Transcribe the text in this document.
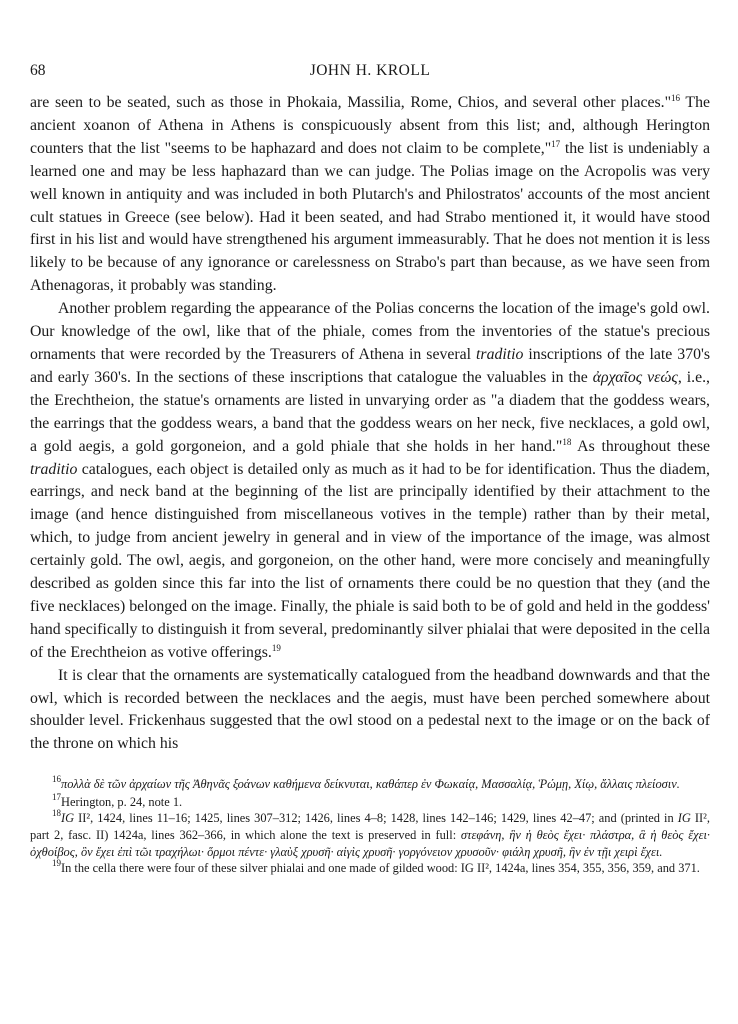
68	JOHN H. KROLL

are seen to be seated, such as those in Phokaia, Massilia, Rome, Chios, and several other places."$^{16}$ The ancient xoanon of Athena in Athens is conspicuously absent from this list; and, although Herington counters that the list "seems to be haphazard and does not claim to be complete,"$^{17}$ the list is undeniably a learned one and may be less haphazard than we can judge. The Polias image on the Acropolis was very well known in antiquity and was included in both Plutarch's and Philostratos' accounts of the most ancient cult statues in Greece (see below). Had it been seated, and had Strabo mentioned it, it would have stood first in his list and would have strengthened his argument immeasurably. That he does not mention it is less likely to be because of any ignorance or carelessness on Strabo's part than because, as we have seen from Athenagoras, it probably was standing.

Another problem regarding the appearance of the Polias concerns the location of the image's gold owl. Our knowledge of the owl, like that of the phiale, comes from the inventories of the statue's precious ornaments that were recorded by the Treasurers of Athena in several traditio inscriptions of the late 370's and early 360's. In the sections of these inscriptions that catalogue the valuables in the ἀρχαῖος νεώς, i.e., the Erechtheion, the statue's ornaments are listed in unvarying order as "a diadem that the goddess wears, the earrings that the goddess wears, a band that the goddess wears on her neck, five necklaces, a gold owl, a gold aegis, a gold gorgoneion, and a gold phiale that she holds in her hand."$^{18}$ As throughout these traditio catalogues, each object is detailed only as much as it had to be for identification. Thus the diadem, earrings, and neck band at the beginning of the list are principally identified by their attachment to the image (and hence distinguished from miscellaneous votives in the temple) rather than by their metal, which, to judge from ancient jewelry in general and in view of the importance of the image, was almost certainly gold. The owl, aegis, and gorgoneion, on the other hand, were more concisely and meaningfully described as golden since this far into the list of ornaments there could be no question that they (and the five necklaces) belonged on the image. Finally, the phiale is said both to be of gold and held in the goddess' hand specifically to distinguish it from several, predominantly silver phialai that were deposited in the cella of the Erechtheion as votive offerings.$^{19}$

It is clear that the ornaments are systematically catalogued from the headband downwards and that the owl, which is recorded between the necklaces and the aegis, must have been perched somewhere about shoulder level. Frickenhaus suggested that the owl stood on a pedestal next to the image or on the back of the throne on which his

$^{16}$πολλὰ δὲ τῶν ἀρχαίων τῆς Ἀθηνᾶς ξοάνων καθήμενα δείκνυται, καθάπερ ἐν Φωκαίᾳ, Μασσαλίᾳ, Ῥώμῃ, Χίῳ, ἄλλαις πλείοσιν.

$^{17}$Herington, p. 24, note 1.

$^{18}$IG II², 1424, lines 11–16; 1425, lines 307–312; 1426, lines 4–8; 1428, lines 142–146; 1429, lines 42–47; and (printed in IG II², part 2, fasc. II) 1424a, lines 362–366, in which alone the text is preserved in full: στεφάνη, ἣν ἡ θεὸς ἔχει· πλάστρα, ἃ ἡ θεὸς ἔχει· ὀχθοίβος, ὃν ἔχει ἐπὶ τῶι τραχήλωι· ὅρμοι πέντε· γλαὺξ χρυσῆ· αἰγὶς χρυσῆ· γοργόνειον χρυσοῦν· φιάλη χρυσῆ, ἣν ἐν τῇι χειρὶ ἔχει.

$^{19}$In the cella there were four of these silver phialai and one made of gilded wood: IG II², 1424a, lines 354, 355, 356, 359, and 371.
